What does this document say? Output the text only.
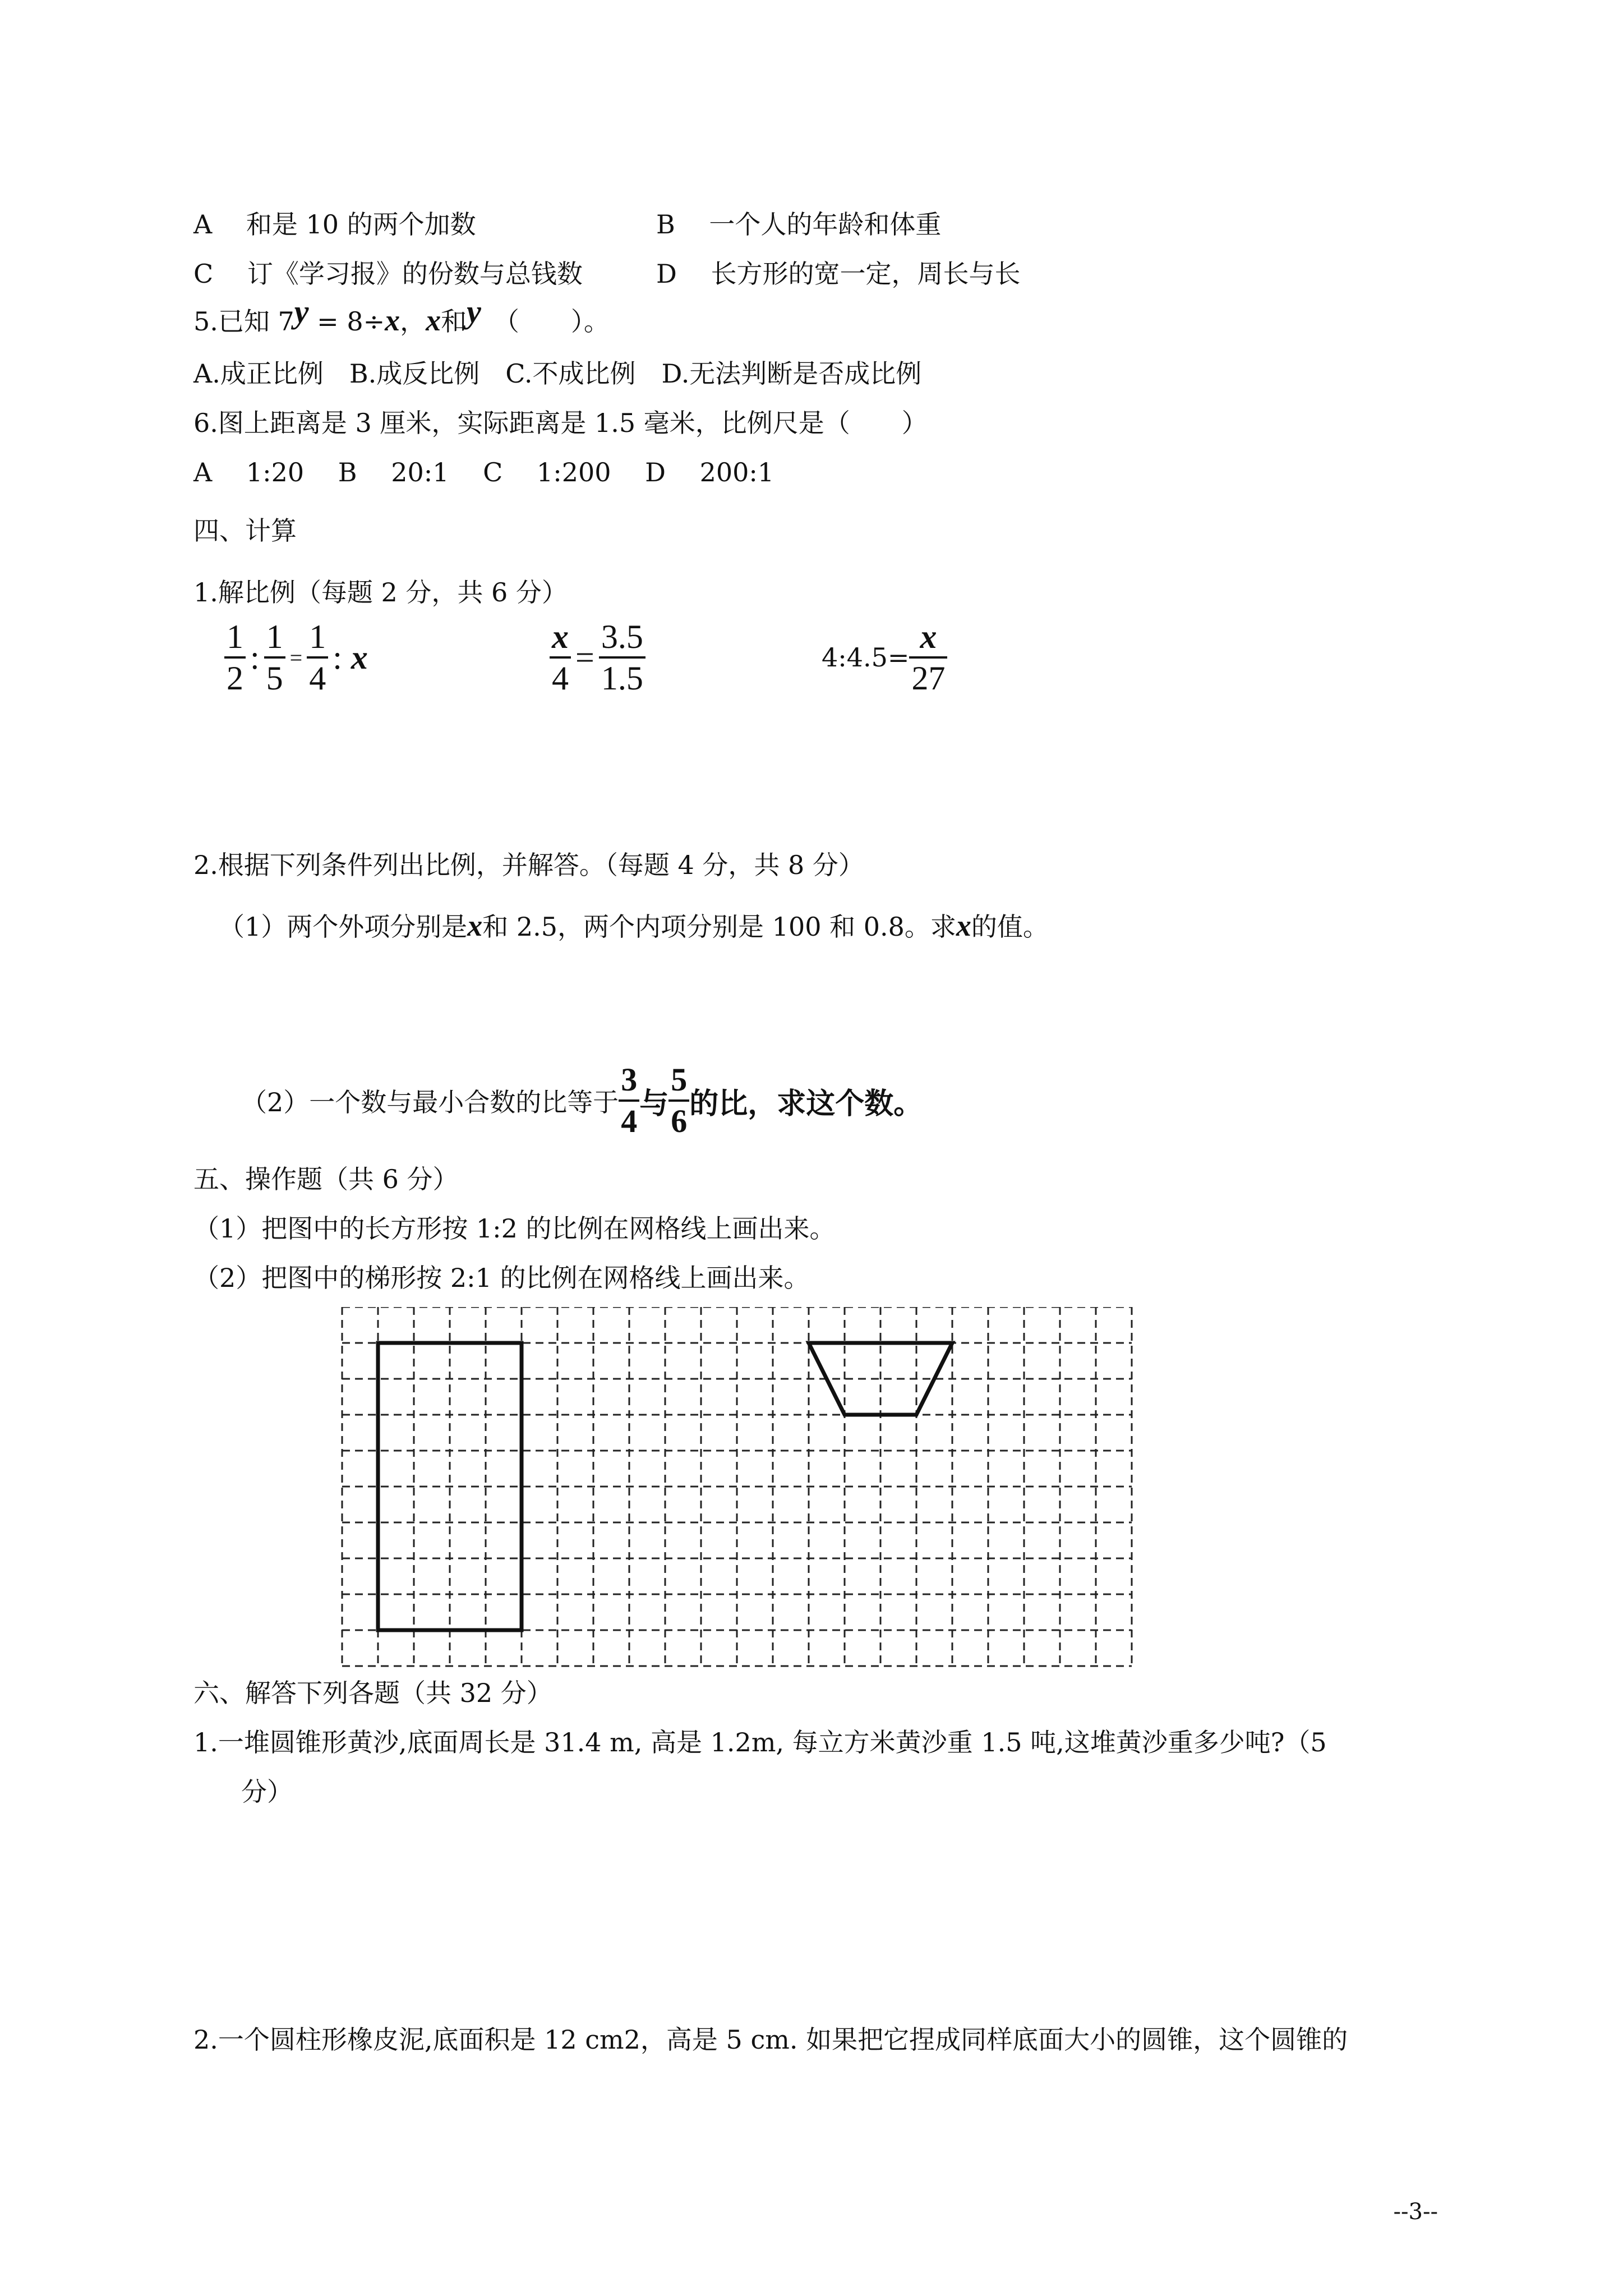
A　 和是 10 的两个加数	B　 一个人的年龄和体重
C　 订《学习报》的份数与总钱数	D　 长方形的宽一定，周长与长
5.已知 7y = 8÷x，x和y （　　）。
A.成正比例　B.成反比例　C.不成比例　D.无法判断是否成比例
6.图上距离是 3 厘米，实际距离是 1.5 毫米，比例尺是（　　）
A　 1:20　 B　 20:1　 C　 1:200　 D　 200:1
四、计算
1.解比例（每题 2 分，共 6 分）
$\frac{1}{2}$ : $\frac{1}{5} = \frac{1}{4}$ : x	$\frac{x}{4} = \frac{3.5}{1.5}$	4:4.5= $\frac{x}{27}$
2.根据下列条件列出比例，并解答。（每题 4 分，共 8 分）
（1）两个外项分别是x和 2.5，两个内项分别是 100 和 0.8。求x的值。
（2）一个数与最小合数的比等于 $\frac{3}{4}$ 与 $\frac{5}{6}$ 的比，求这个数。
五、操作题（共 6 分）
（1）把图中的长方形按 1:2 的比例在网格线上画出来。
（2）把图中的梯形按 2:1 的比例在网格线上画出来。
六、解答下列各题（共 32 分）
1.一堆圆锥形黄沙,底面周长是 31.4 m, 高是 1.2m, 每立方米黄沙重 1.5 吨,这堆黄沙重多少吨?（5
分）
2.一个圆柱形橡皮泥,底面积是 12 cm2，高是 5 cm. 如果把它捏成同样底面大小的圆锥，这个圆锥的
--3--
